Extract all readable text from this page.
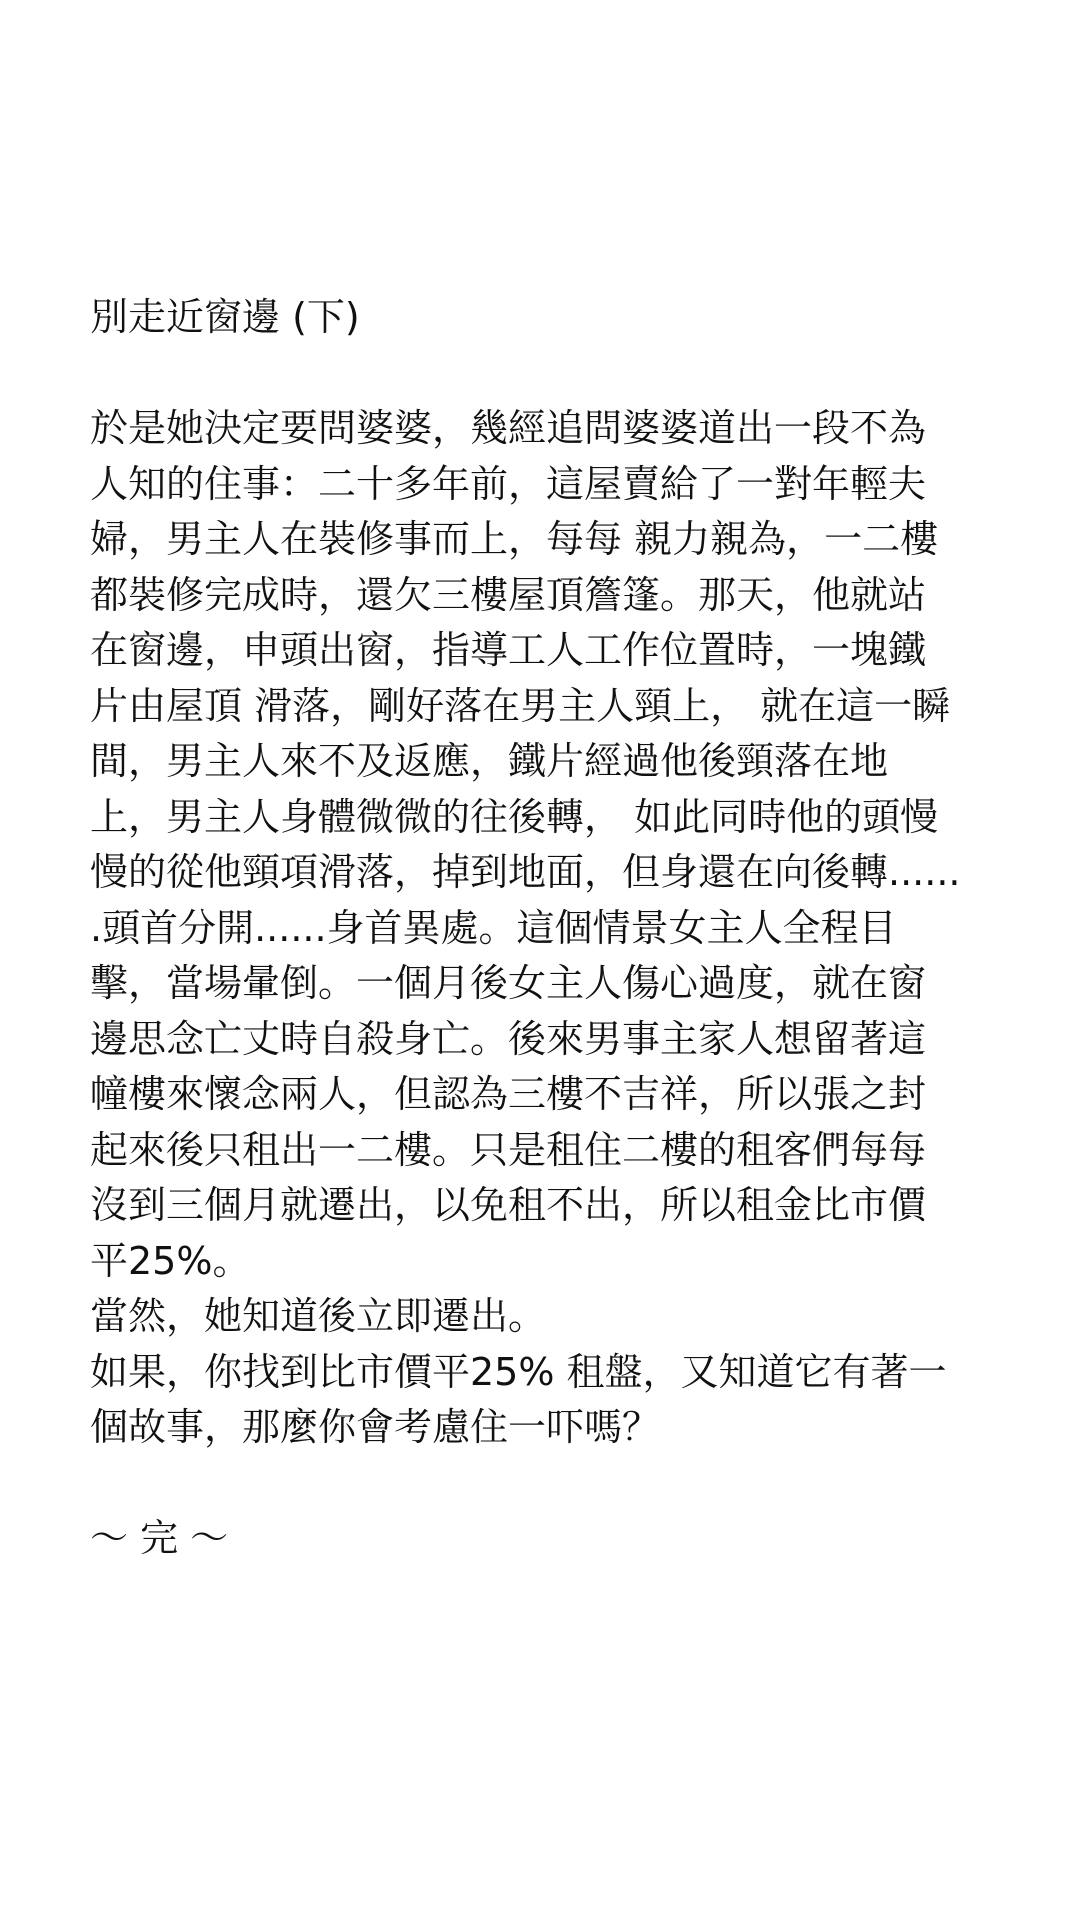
別走近窗邊 (下)
於是她決定要問婆婆，幾經追問婆婆道出一段不為
人知的住事：二十多年前，這屋賣給了一對年輕夫
婦，男主人在裝修事而上，每每 親力親為，一二樓
都裝修完成時，還欠三樓屋頂簷篷。那天，他就站
在窗邊，申頭出窗，指導工人工作位置時，一塊鐵
片由屋頂 滑落，剛好落在男主人頸上， 就在這一瞬
間，男主人來不及返應，鐵片經過他後頸落在地
上，男主人身體微微的往後轉， 如此同時他的頭慢
慢的從他頸項滑落，掉到地面，但身還在向後轉......
.頭首分開......身首異處。這個情景女主人全程目
擊，當場暈倒。一個月後女主人傷心過度，就在窗
邊思念亡丈時自殺身亡。後來男事主家人想留著這
幢樓來懷念兩人，但認為三樓不吉祥，所以張之封
起來後只租出一二樓。只是租住二樓的租客們每每
沒到三個月就遷出，以免租不出，所以租金比市價
平25%。
當然，她知道後立即遷出。
如果，你找到比市價平25% 租盤，又知道它有著一
個故事，那麼你會考慮住一吓嗎？
〜 完 〜
